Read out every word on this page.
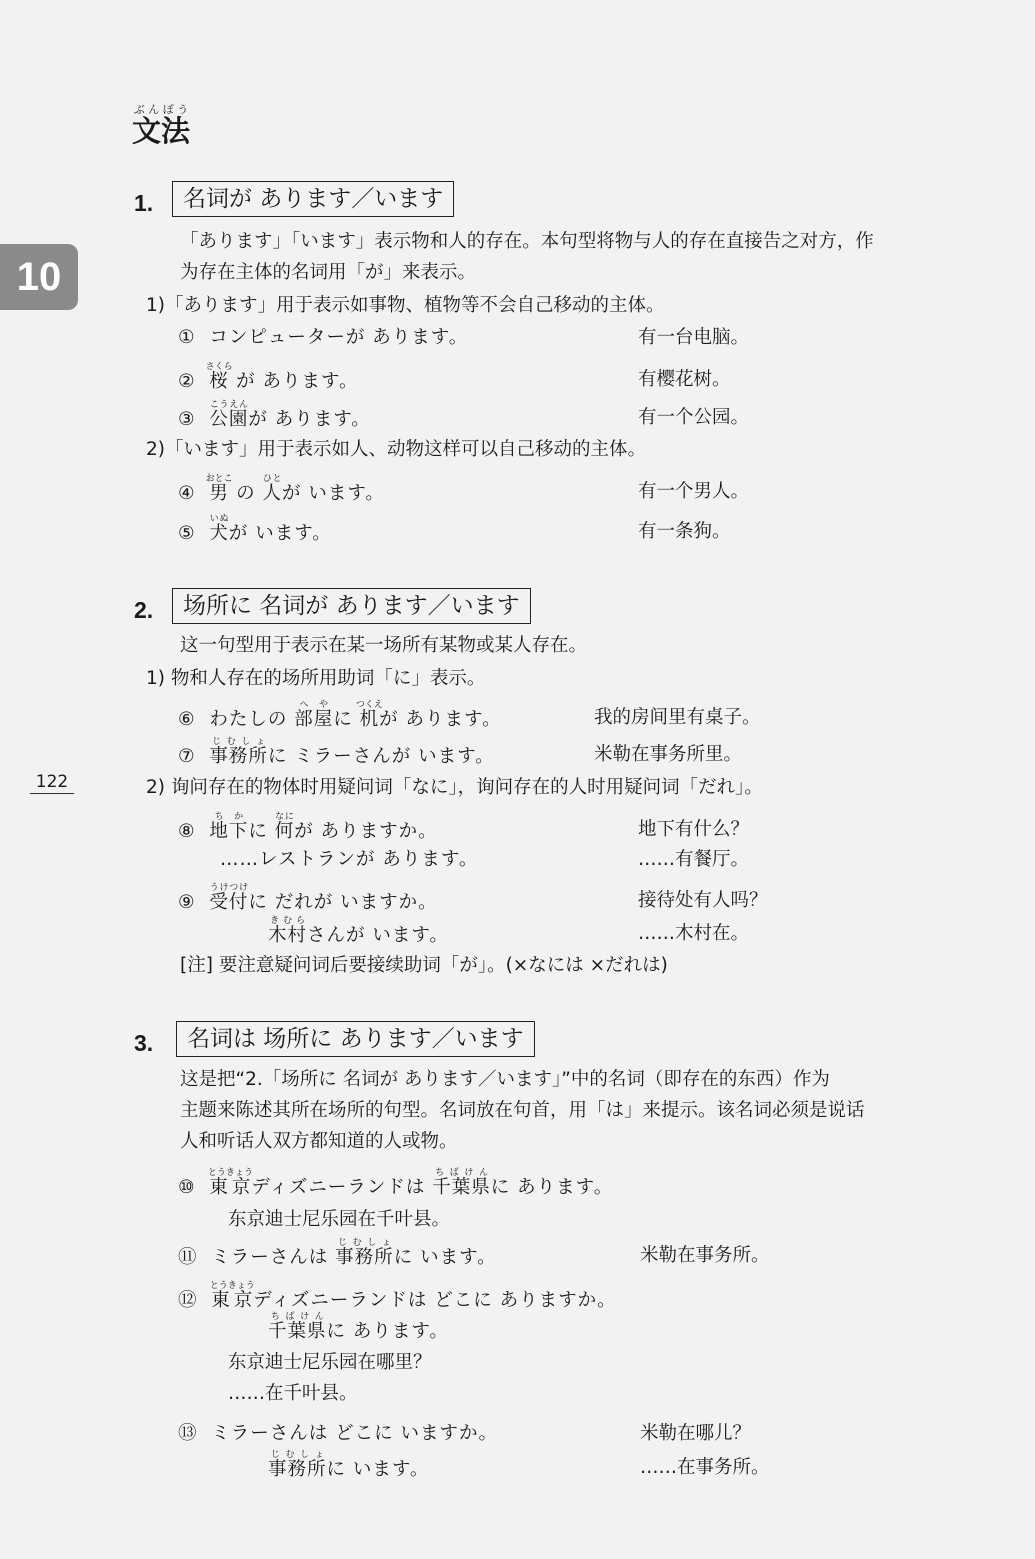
10
122
文法ぶんぽう
1.	名词が あります／います
「あります」「います」表示物和人的存在。本句型将物与人的存在直接告之对方，作
为存在主体的名词用「が」来表示。
1)「あります」用于表示如事物、植物等不会自己移动的主体。
① コンピューターが あります。	有一台电脑。
② 桜さくら が あります。	有樱花树。
③ 公園こうえんが あります。	有一个公园。
2)「います」用于表示如人、动物这样可以自己移动的主体。
④ 男おとこ の 人ひとが います。	有一个男人。
⑤ 犬いぬが います。	有一条狗。
2.	场所に 名词が あります／います
这一句型用于表示在某一场所有某物或某人存在。
1) 物和人存在的场所用助词「に」表示。
⑥ わたしの 部屋へやに 机つくえが あります。	我的房间里有桌子。
⑦ 事務所じむしょに ミラーさんが います。	米勒在事务所里。
2) 询问存在的物体时用疑问词「なに」，询问存在的人时用疑问词「だれ」。
⑧ 地下ちかに 何なにが ありますか。	地下有什么？
……レストランが あります。	……有餐厅。
⑨ 受付うけつけに だれが いますか。	接待处有人吗？
木村きむらさんが います。	……木村在。
[注] 要注意疑问词后要接续助词「が」。(×なには ×だれは)
3.	名词は 场所に あります／います
这是把“2.「场所に 名词が あります／います」”中的名词（即存在的东西）作为
主题来陈述其所在场所的句型。名词放在句首，用「は」来提示。该名词必须是说话
人和听话人双方都知道的人或物。
⑩ 東京とうきょうディズニーランドは 千葉県ちばけんに あります。
东京迪士尼乐园在千叶县。
⑪ ミラーさんは 事務所じむしょに います。	米勒在事务所。
⑫ 東京とうきょうディズニーランドは どこに ありますか。
千葉県ちばけんに あります。
东京迪士尼乐园在哪里？
……在千叶县。
⑬ ミラーさんは どこに いますか。	米勒在哪儿？
事務所じむしょに います。	……在事务所。
